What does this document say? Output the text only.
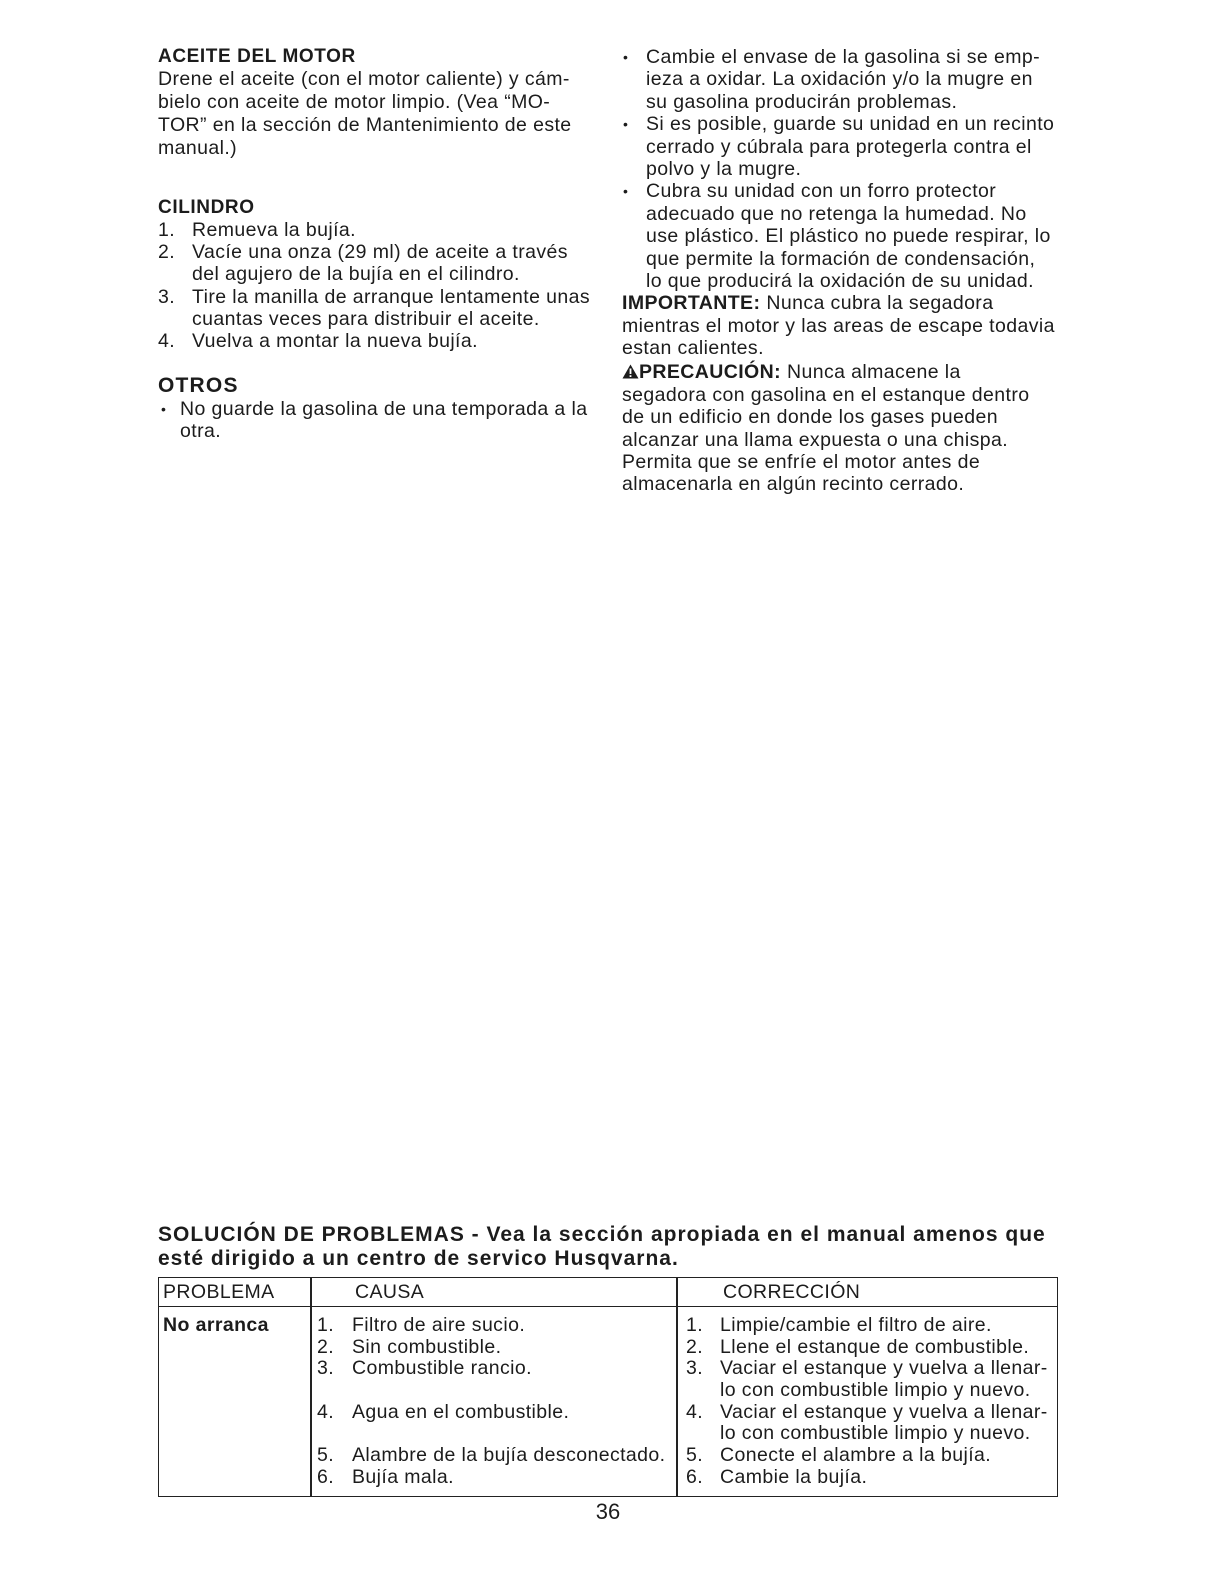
ACEITE DEL MOTOR
Drene el aceite (con el motor caliente) y cám-
bielo con aceite de motor limpio. (Vea “MO-
TOR” en la sección de Mantenimiento de este
manual.)
CILINDRO
1. Remueva la bujía.
2. Vacíe una onza (29 ml) de aceite a través
del agujero de la bujía en el cilindro.
3. Tire la manilla de arranque lentamente unas
cuantas veces para distribuir el aceite.
4. Vuelva a montar la nueva bujía.
OTROS
•
No guarde la gasolina de una temporada a la
otra.
•
Cambie el envase de la gasolina si se emp-
ieza a oxidar. La oxidación y/o la mugre en
su gasolina producirán problemas.
•
Si es posible, guarde su unidad en un recinto
cerrado y cúbrala para protegerla contra el
polvo y la mugre.
•
Cubra su unidad con un forro protector
adecuado que no retenga la humedad. No
use plástico. El plástico no puede respirar, lo
que permite la formación de condensación,
lo que producirá la oxidación de su unidad.
IMPORTANTE: Nunca cubra la segadora
mientras el motor y las areas de escape todavia
estan calientes.
PRECAUCIÓN: Nunca almacene la
segadora con gasolina en el estanque dentro
de un edificio en donde los gases pueden
alcanzar una llama expuesta o una chispa.
Permita que se enfríe el motor antes de
almacenarla en algún recinto cerrado.
SOLUCIÓN DE PROBLEMAS - Vea la sección apropiada en el manual amenos que
esté dirigido a un centro de servico Husqvarna.
PROBLEMA	CAUSA	CORRECCIÓN
No arranca	1. Filtro de aire sucio.	1. Limpie/cambie el filtro de aire.
2. Sin combustible.	2. Llene el estanque de combustible.
3. Combustible rancio.	3. Vaciar el estanque y vuelva a llenar-
lo con combustible limpio y nuevo.
4. Agua en el combustible.	4. Vaciar el estanque y vuelva a llenar-
lo con combustible limpio y nuevo.
5. Alambre de la bujía desconectado. 5. Conecte el alambre a la bujía.
6. Bujía mala.	6. Cambie la bujía.
36
